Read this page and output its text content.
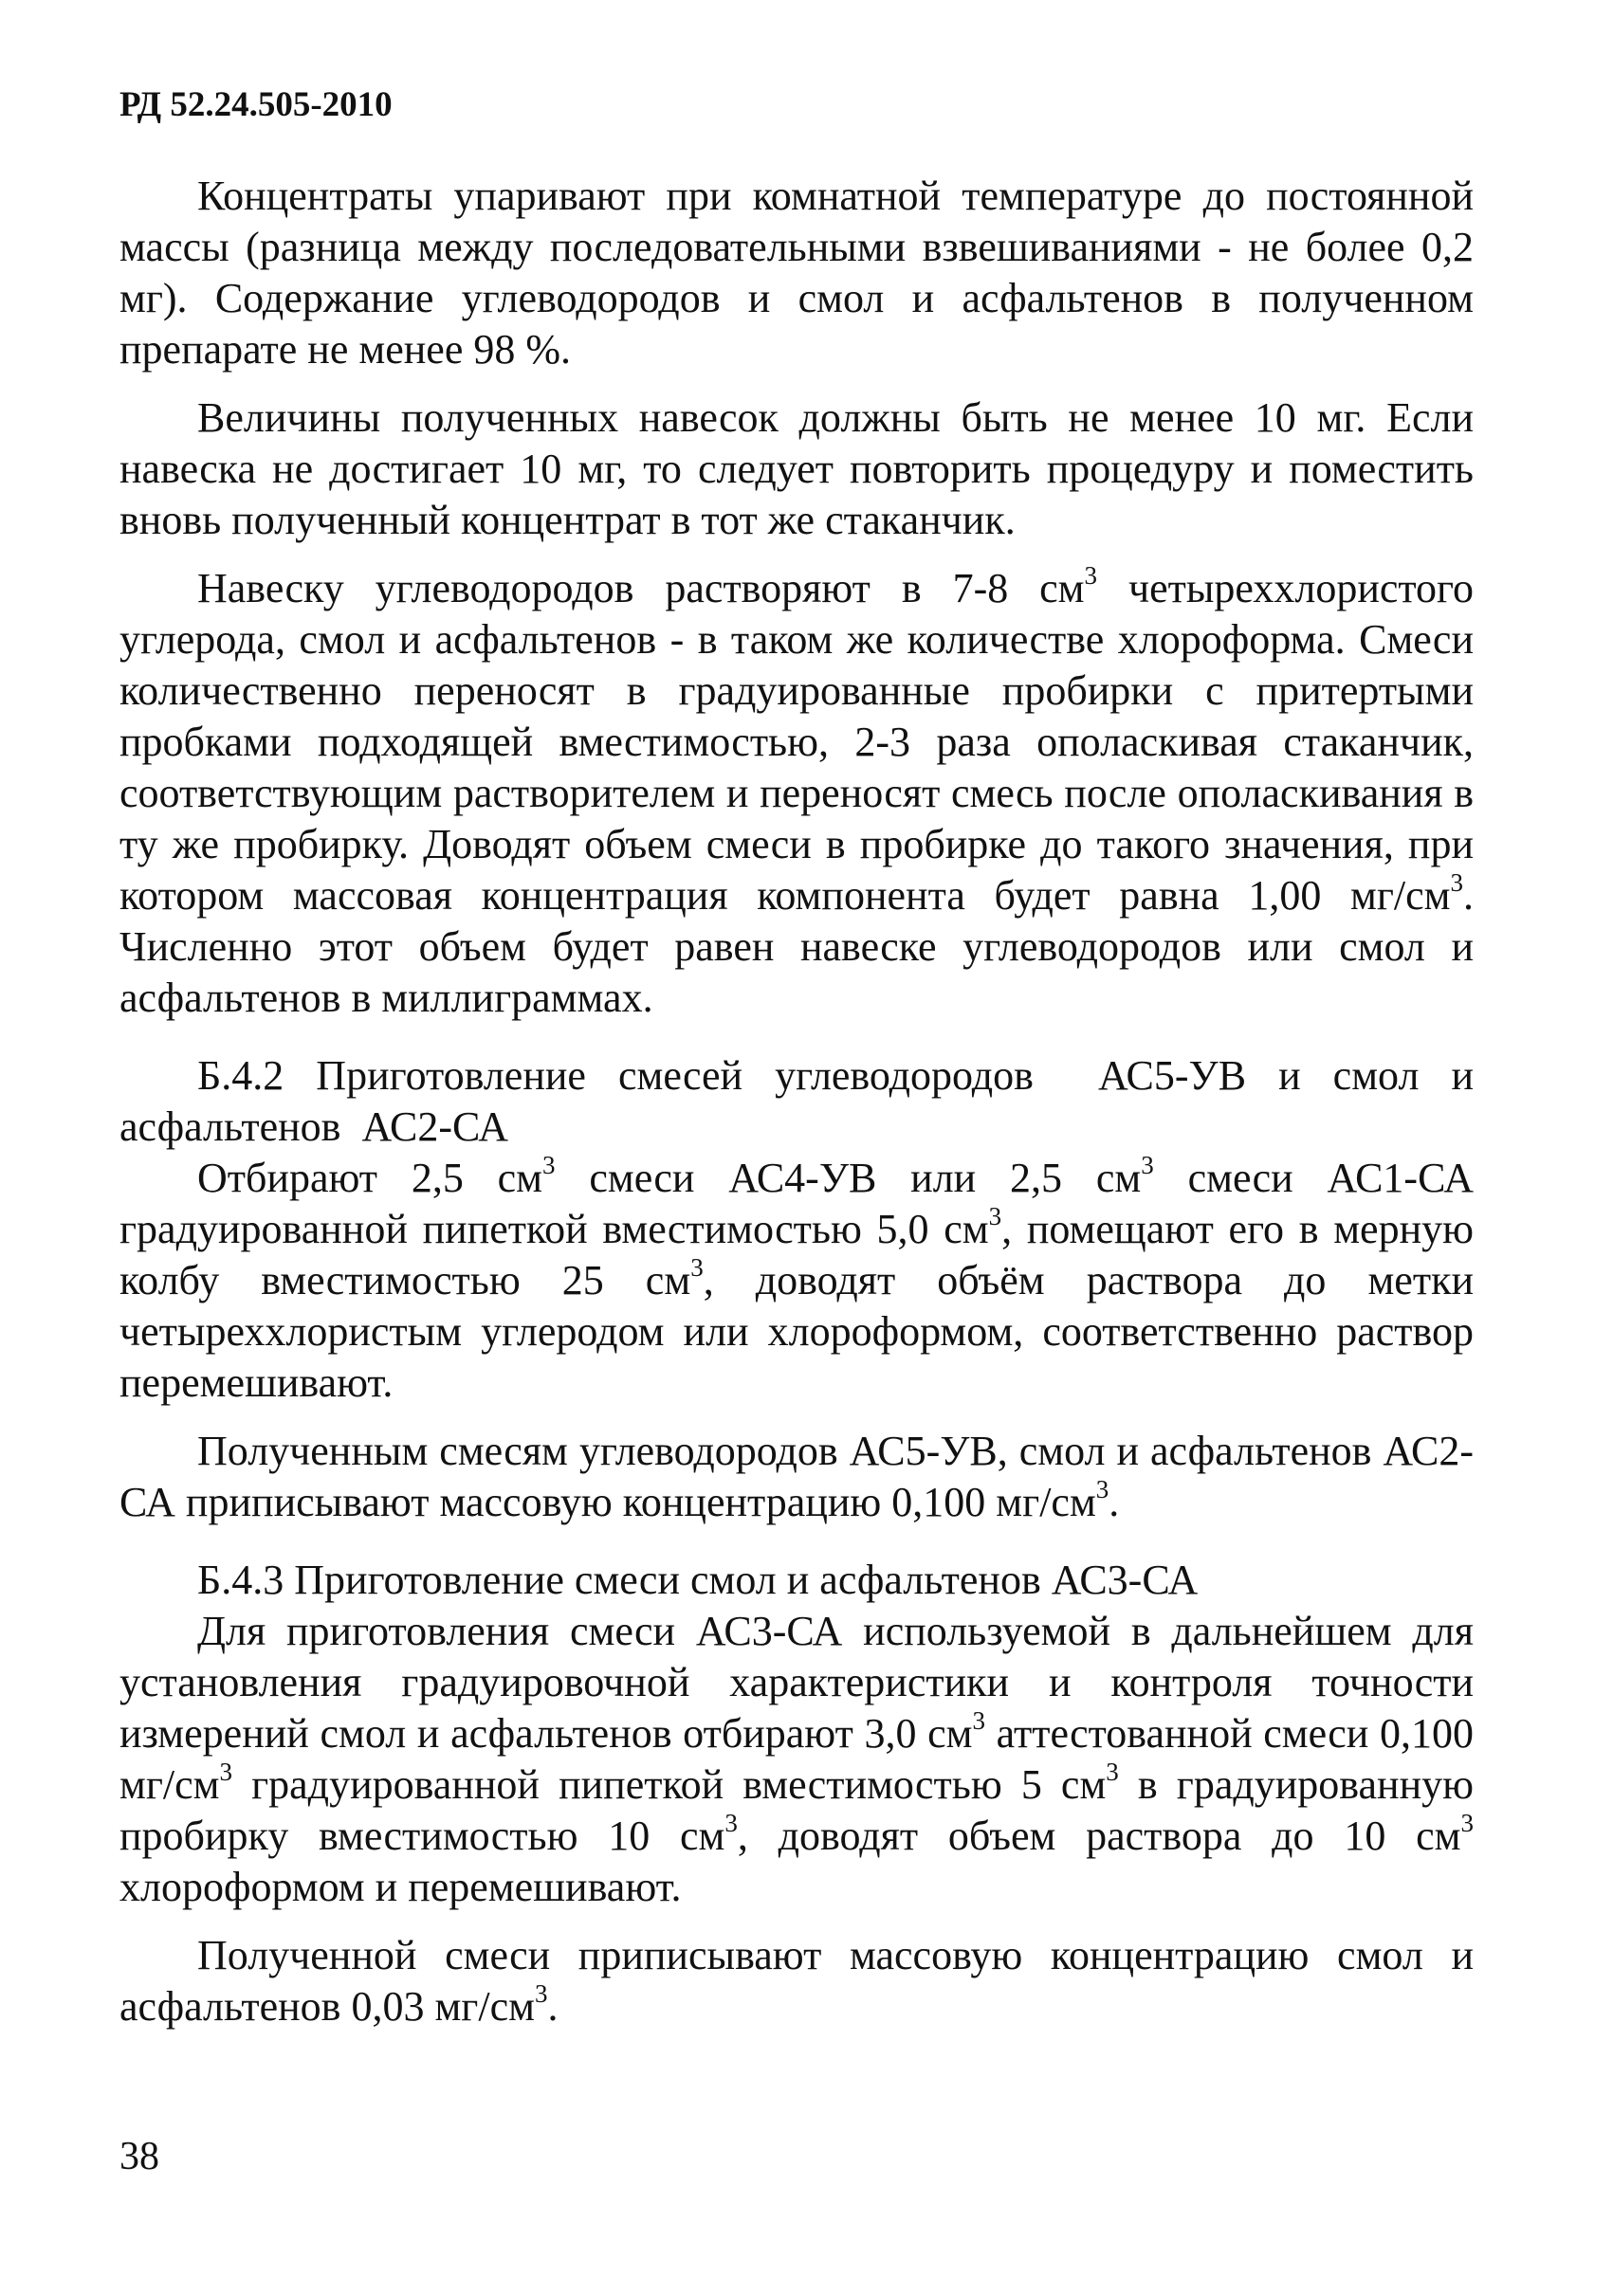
РД 52.24.505-2010

Концентраты упаривают при комнатной температуре до постоянной массы (разница между последовательными взвешиваниями - не более 0,2 мг). Содержание углеводородов и смол и асфальтенов в полученном препарате не менее 98 %.

Величины полученных навесок должны быть не менее 10 мг. Если навеска не достигает 10 мг, то следует повторить процедуру и поместить вновь полученный концентрат в тот же стаканчик.

Навеску углеводородов растворяют в 7-8 $см^3$ четыреххлористого углерода, смол и асфальтенов - в таком же количестве хлороформа. Смеси количественно переносят в градуированные пробирки с притертыми пробками подходящей вместимостью, 2-3 раза ополаскивая стаканчик, соответствующим растворителем и переносят смесь после ополаскивания в ту же пробирку. Доводят объем смеси в пробирке до такого значения, при котором массовая концентрация компонента будет равна 1,00 $мг/см^3$. Численно этот объем будет равен навеске углеводородов или смол и асфальтенов в миллиграммах.

Б.4.2 Приготовление смесей углеводородов  АС5-УВ и смол и асфальтенов  АС2-СА

Отбирают 2,5 $см^3$ смеси АС4-УВ или 2,5 $см^3$ смеси АС1-СА градуированной пипеткой вместимостью 5,0 $см^3$, помещают его в мерную колбу вместимостью 25 $см^3$, доводят объём раствора до метки четыреххлористым углеродом или хлороформом, соответственно раствор перемешивают.

Полученным смесям углеводородов АС5-УВ, смол и асфальтенов АС2-СА приписывают массовую концентрацию 0,100 $мг/см^3$.

Б.4.3 Приготовление смеси смол и асфальтенов АС3-СА

Для приготовления смеси АС3-СА используемой в дальнейшем для установления градуировочной характеристики и контроля точности измерений смол и асфальтенов отбирают 3,0 $см^3$ аттестованной смеси 0,100 $мг/см^3$ градуированной пипеткой вместимостью 5 $см^3$ в градуированную пробирку вместимостью 10 $см^3$, доводят объем раствора до 10 $см^3$ хлороформом и перемешивают.

Полученной смеси приписывают массовую концентрацию смол и асфальтенов 0,03 $мг/см^3$.

38
